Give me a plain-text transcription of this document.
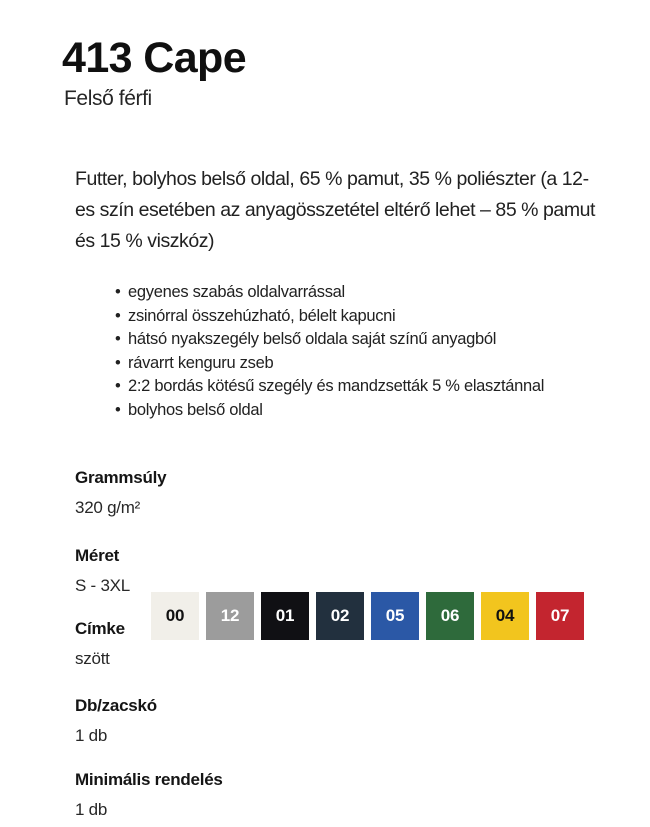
413 Cape
Felső férfi
Futter, bolyhos belső oldal, 65 % pamut, 35 % poliészter (a 12-es szín esetében az anyagösszetétel eltérő lehet – 85 % pamut és 15 % viszkóz)
• egyenes szabás oldalvarrással
• zsinórral összehúzható, bélelt kapucni
• hátsó nyakszegély belső oldala saját színű anyagból
• rávarrt kenguru zseb
• 2:2 bordás kötésű szegély és mandzsetták 5 % elasztánnal
• bolyhos belső oldal
Grammsúly
320 g/m²
Méret
S - 3XL
Címke
szött
00 12 01 02 05 06 04 07
Db/zacskó
1 db
Minimális rendelés
1 db
